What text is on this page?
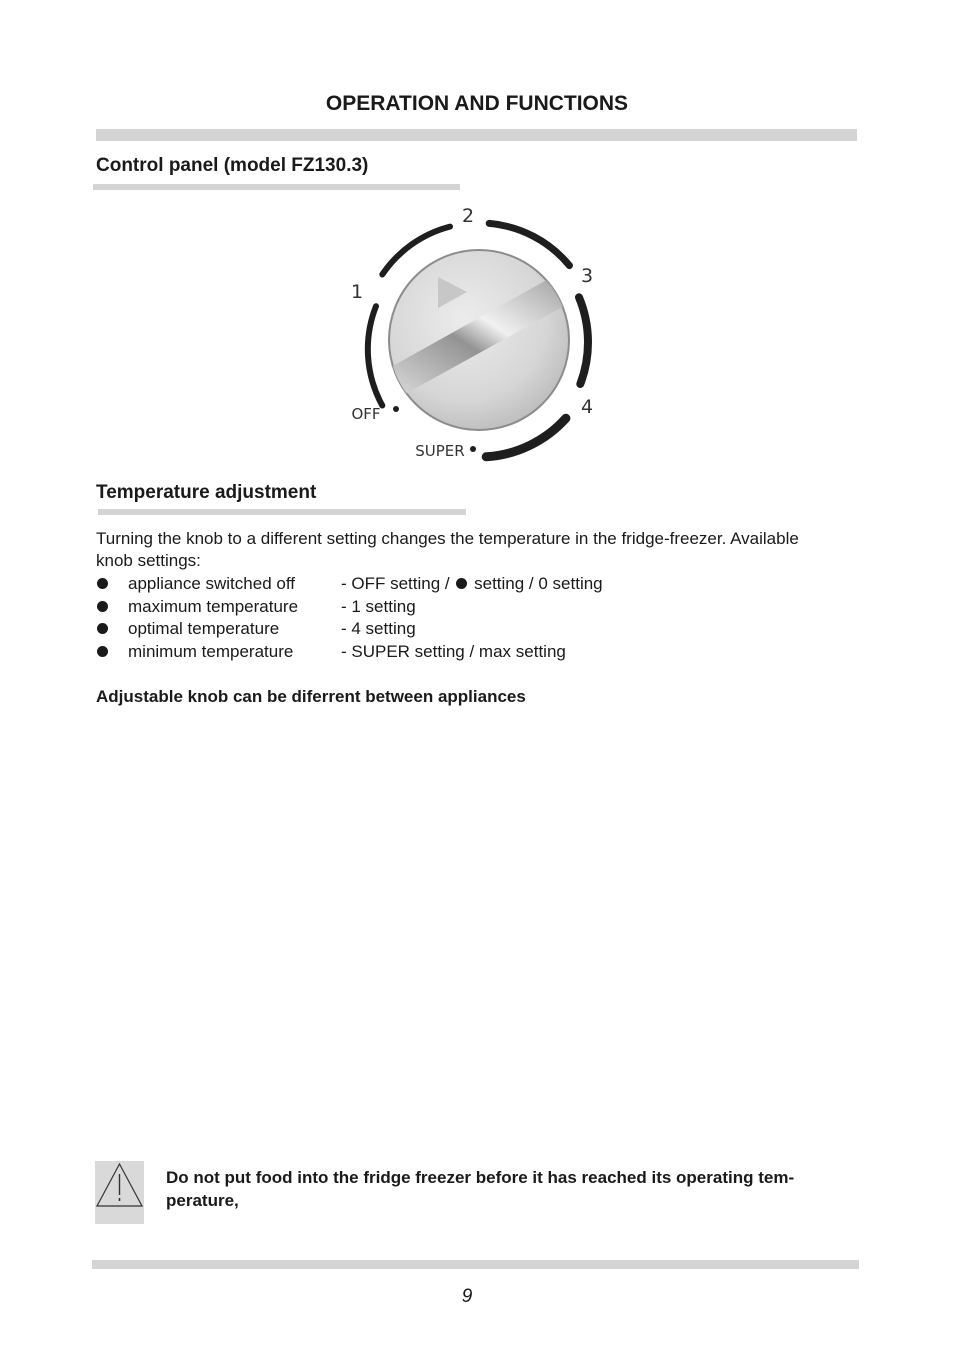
OPERATION AND FUNCTIONS
Control panel (model FZ130.3)
2
1
3
4
OFF
SUPER
Temperature adjustment
Turning the knob to a different setting changes the temperature in the fridge-freezer. Available
knob settings:
appliance switched off	- OFF setting / setting / 0 setting
maximum temperature	- 1 setting
optimal temperature	- 4 setting
minimum temperature	- SUPER setting / max setting
Adjustable knob can be diferrent between appliances
Do not put food into the fridge freezer before it has reached its operating tem-
perature,
9
